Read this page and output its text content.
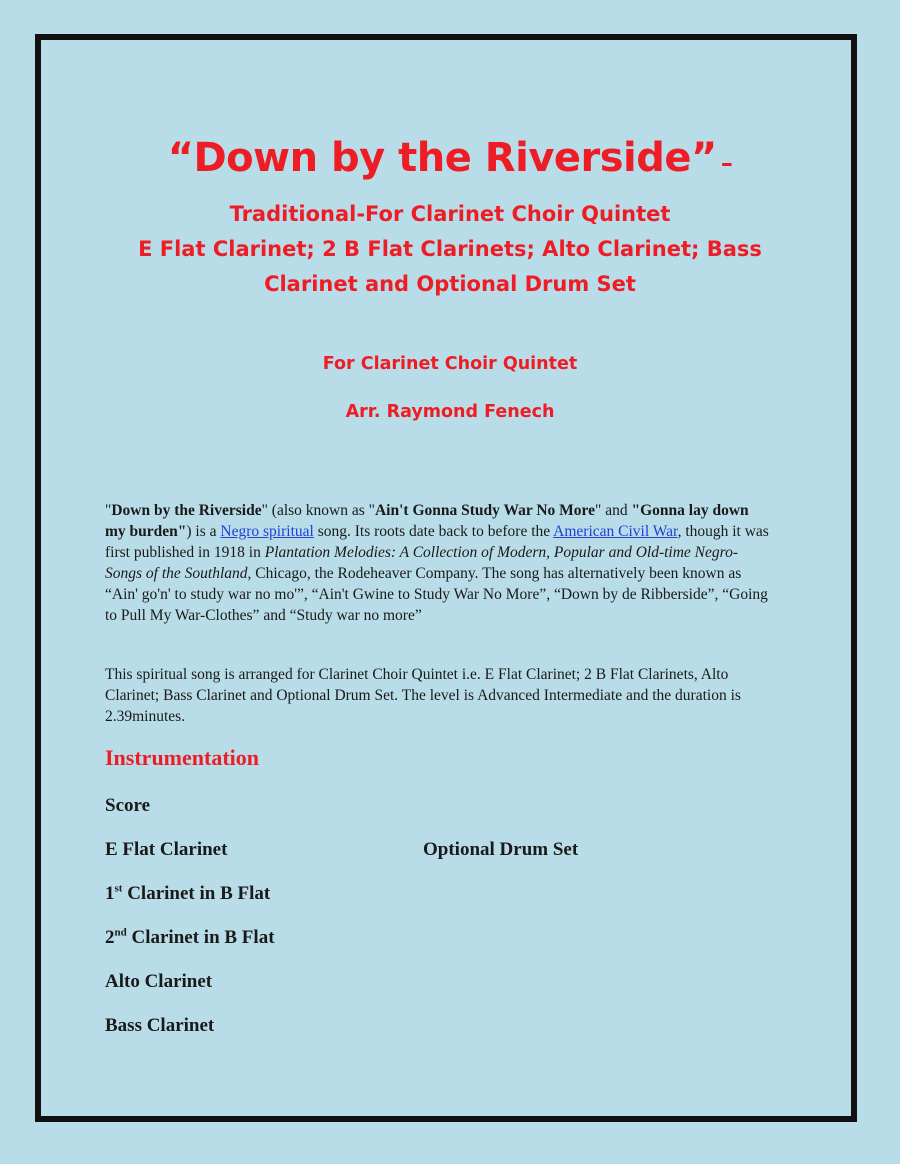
“Down by the Riverside” –
Traditional-For Clarinet Choir Quintet
E Flat Clarinet; 2 B Flat Clarinets; Alto Clarinet; Bass
Clarinet and Optional Drum Set
For Clarinet Choir Quintet
Arr. Raymond Fenech
"Down by the Riverside" (also known as "Ain't Gonna Study War No More" and "Gonna lay down my burden") is a Negro spiritual song. Its roots date back to before the American Civil War, though it was first published in 1918 in Plantation Melodies: A Collection of Modern, Popular and Old-time Negro-Songs of the Southland, Chicago, the Rodeheaver Company. The song has alternatively been known as “Ain' go'n' to study war no mo'”, “Ain't Gwine to Study War No More”, “Down by de Ribberside”, “Going to Pull My War-Clothes” and “Study war no more”
This spiritual song is arranged for Clarinet Choir Quintet i.e. E Flat Clarinet; 2 B Flat Clarinets, Alto Clarinet; Bass Clarinet and Optional Drum Set. The level is Advanced Intermediate and the duration is 2.39minutes.
Instrumentation
Score
E Flat Clarinet	Optional Drum Set
1st Clarinet in B Flat
2nd Clarinet in B Flat
Alto Clarinet
Bass Clarinet
